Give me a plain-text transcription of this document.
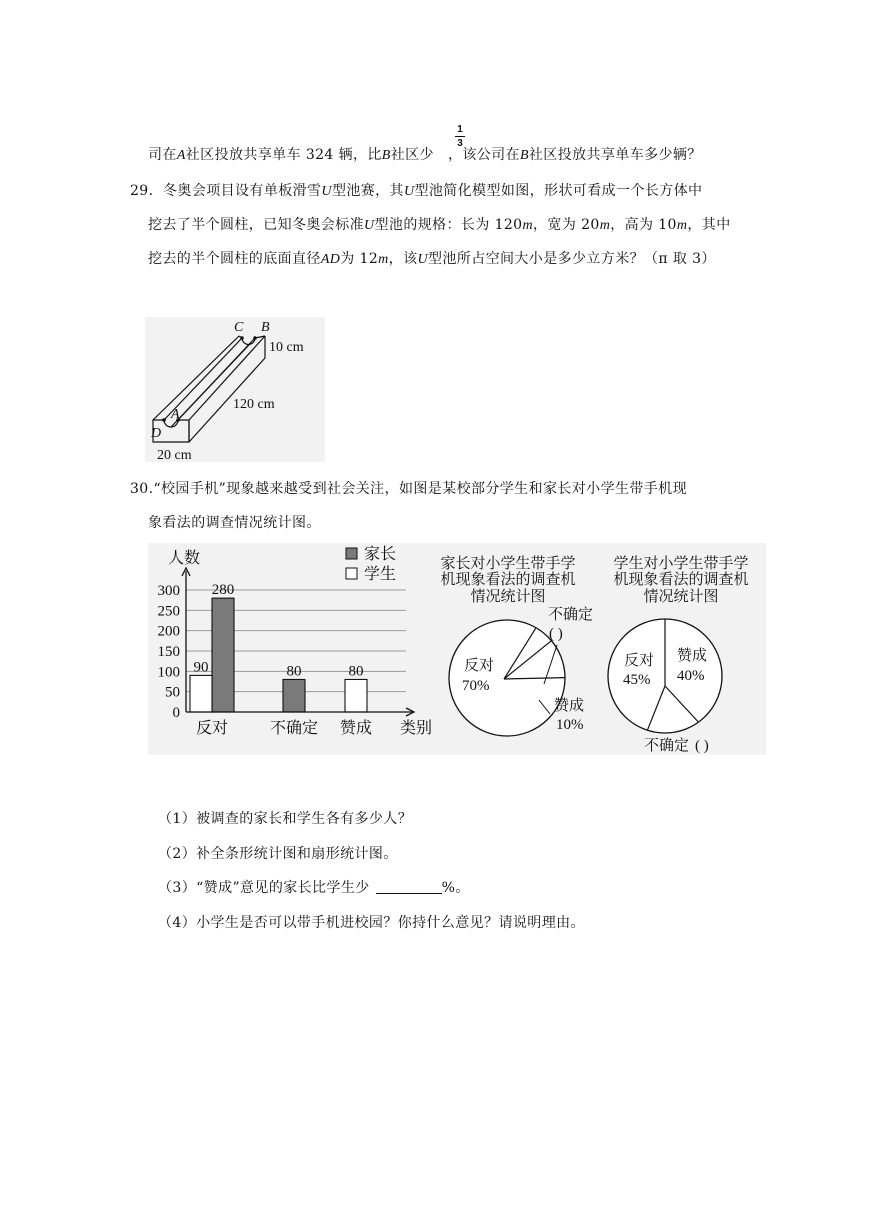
司在A社区投放共享单车 324 辆，比B社区少 ，该公司在B社区投放共享单车多少辆？
1
3
29．冬奥会项目设有单板滑雪U型池赛，其U型池简化模型如图，形状可看成一个长方体中
挖去了半个圆柱，已知冬奥会标准U型池的规格：长为 120m，宽为 20m，高为 10m，其中
挖去的半个圆柱的底面直径AD为 12m，该U型池所占空间大小是多少立方米？（π 取 3）
C B
A
D
10 cm
120 cm
20 cm
30.“校园手机”现象越来越受到社会关注，如图是某校部分学生和家长对小学生带手机现
象看法的调查情况统计图。
人数
类别
0
50
100
150
200
250
300 280
90	80	80
反对	不确定 赞成
家长
学生
家长对小学生带手学
机现象看法的调查机
情况统计图
反对
70%
不确定
( )
赞成
10%
学生对小学生带手学
机现象看法的调查机
情况统计图
反对
45%
赞成
40%
不确定 ( )
（1）被调查的家长和学生各有多少人？
（2）补全条形统计图和扇形统计图。
（3）“赞成”意见的家长比学生少	%。
（4）小学生是否可以带手机进校园？你持什么意见？请说明理由。
